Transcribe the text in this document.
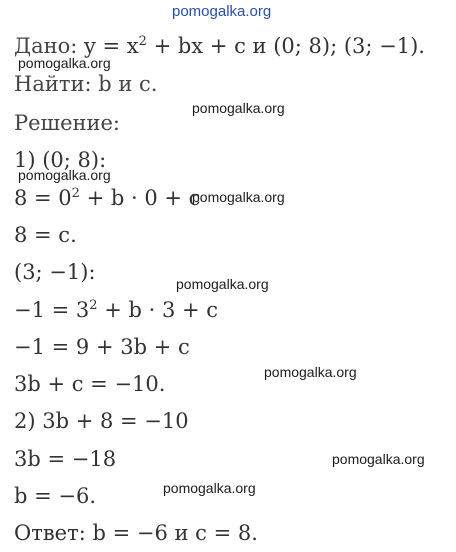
pomogalka.org
pomogalka.org
pomogalka.org
pomogalka.org
pomogalka.org
pomogalka.org
pomogalka.org
pomogalka.org
pomogalka.org
Дано: $y = x^2$ + bx + c и (0; 8); (3; −1).
Найти: b и c.
Решение:
1) (0; 8):
$8 = 0^2 + b \cdot 0 + c$
8 = c.
(3; −1):
$-1 = 3^2 + b \cdot 3 + c$
−1 = 9 + 3b + c
3b + c = −10.
2) 3b + 8 = −10
3b = −18
b = −6.
Ответ: b = −6 и c = 8.
